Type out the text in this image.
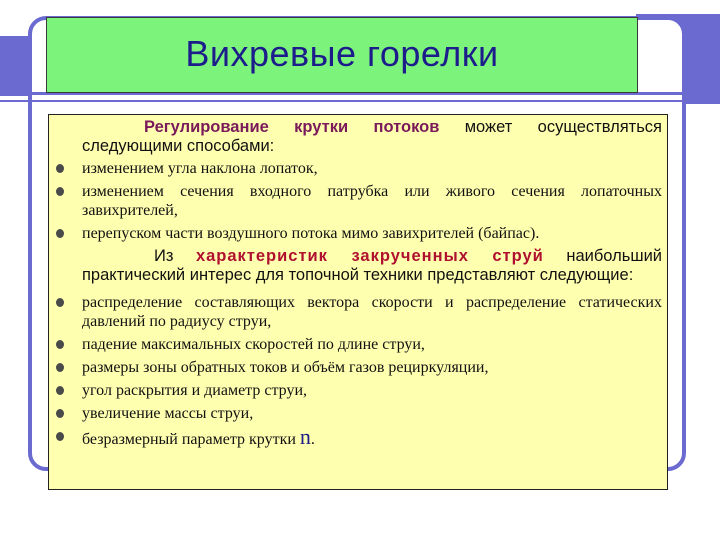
Вихревые горелки

Регулирование крутки потоков может осуществляться следующими способами:

изменением угла наклона лопаток,
изменением сечения входного патрубка или живого сечения лопаточных завихрителей,
перепуском части воздушного потока мимо завихрителей (байпас).

Из характеристик закрученных струй наибольший практический интерес для топочной техники представляют следующие:

распределение составляющих вектора скорости и распределение статических давлений по радиусу струи,
падение максимальных скоростей по длине струи,
размеры зоны обратных токов и объём газов рециркуляции,
угол раскрытия и диаметр струи,
увеличение массы струи,
безразмерный параметр крутки n.
